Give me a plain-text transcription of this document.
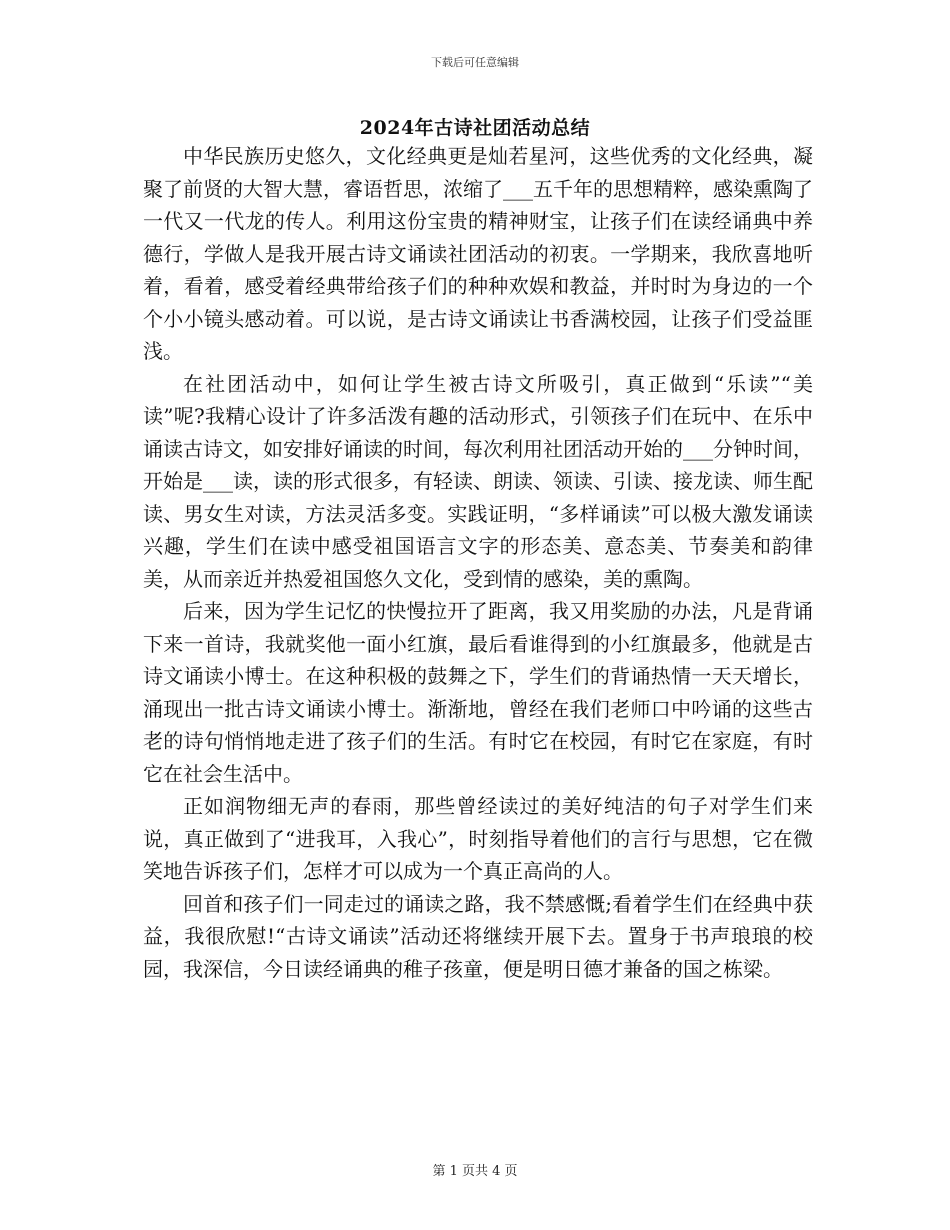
下载后可任意编辑
2024年古诗社团活动总结

中华民族历史悠久，文化经典更是灿若星河，这些优秀的文化经典，凝聚了前贤的大智大慧，睿语哲思，浓缩了___五千年的思想精粹，感染熏陶了一代又一代龙的传人。利用这份宝贵的精神财宝，让孩子们在读经诵典中养德行，学做人是我开展古诗文诵读社团活动的初衷。一学期来，我欣喜地听着，看着，感受着经典带给孩子们的种种欢娱和教益，并时时为身边的一个个小小镜头感动着。可以说，是古诗文诵读让书香满校园，让孩子们受益匪浅。

在社团活动中，如何让学生被古诗文所吸引，真正做到“乐读”“美读”呢?我精心设计了许多活泼有趣的活动形式，引领孩子们在玩中、在乐中诵读古诗文，如安排好诵读的时间，每次利用社团活动开始的___分钟时间，开始是___读，读的形式很多，有轻读、朗读、领读、引读、接龙读、师生配读、男女生对读，方法灵活多变。实践证明，“多样诵读”可以极大激发诵读兴趣，学生们在读中感受祖国语言文字的形态美、意态美、节奏美和韵律美，从而亲近并热爱祖国悠久文化，受到情的感染，美的熏陶。

后来，因为学生记忆的快慢拉开了距离，我又用奖励的办法，凡是背诵下来一首诗，我就奖他一面小红旗，最后看谁得到的小红旗最多，他就是古诗文诵读小博士。在这种积极的鼓舞之下，学生们的背诵热情一天天增长，涌现出一批古诗文诵读小博士。渐渐地，曾经在我们老师口中吟诵的这些古老的诗句悄悄地走进了孩子们的生活。有时它在校园，有时它在家庭，有时它在社会生活中。

正如润物细无声的春雨，那些曾经读过的美好纯洁的句子对学生们来说，真正做到了“进我耳，入我心”，时刻指导着他们的言行与思想，它在微笑地告诉孩子们，怎样才可以成为一个真正高尚的人。

回首和孩子们一同走过的诵读之路，我不禁感慨;看着学生们在经典中获益，我很欣慰!“古诗文诵读”活动还将继续开展下去。置身于书声琅琅的校园，我深信，今日读经诵典的稚子孩童，便是明日德才兼备的国之栋梁。

第 1 页共 4 页
